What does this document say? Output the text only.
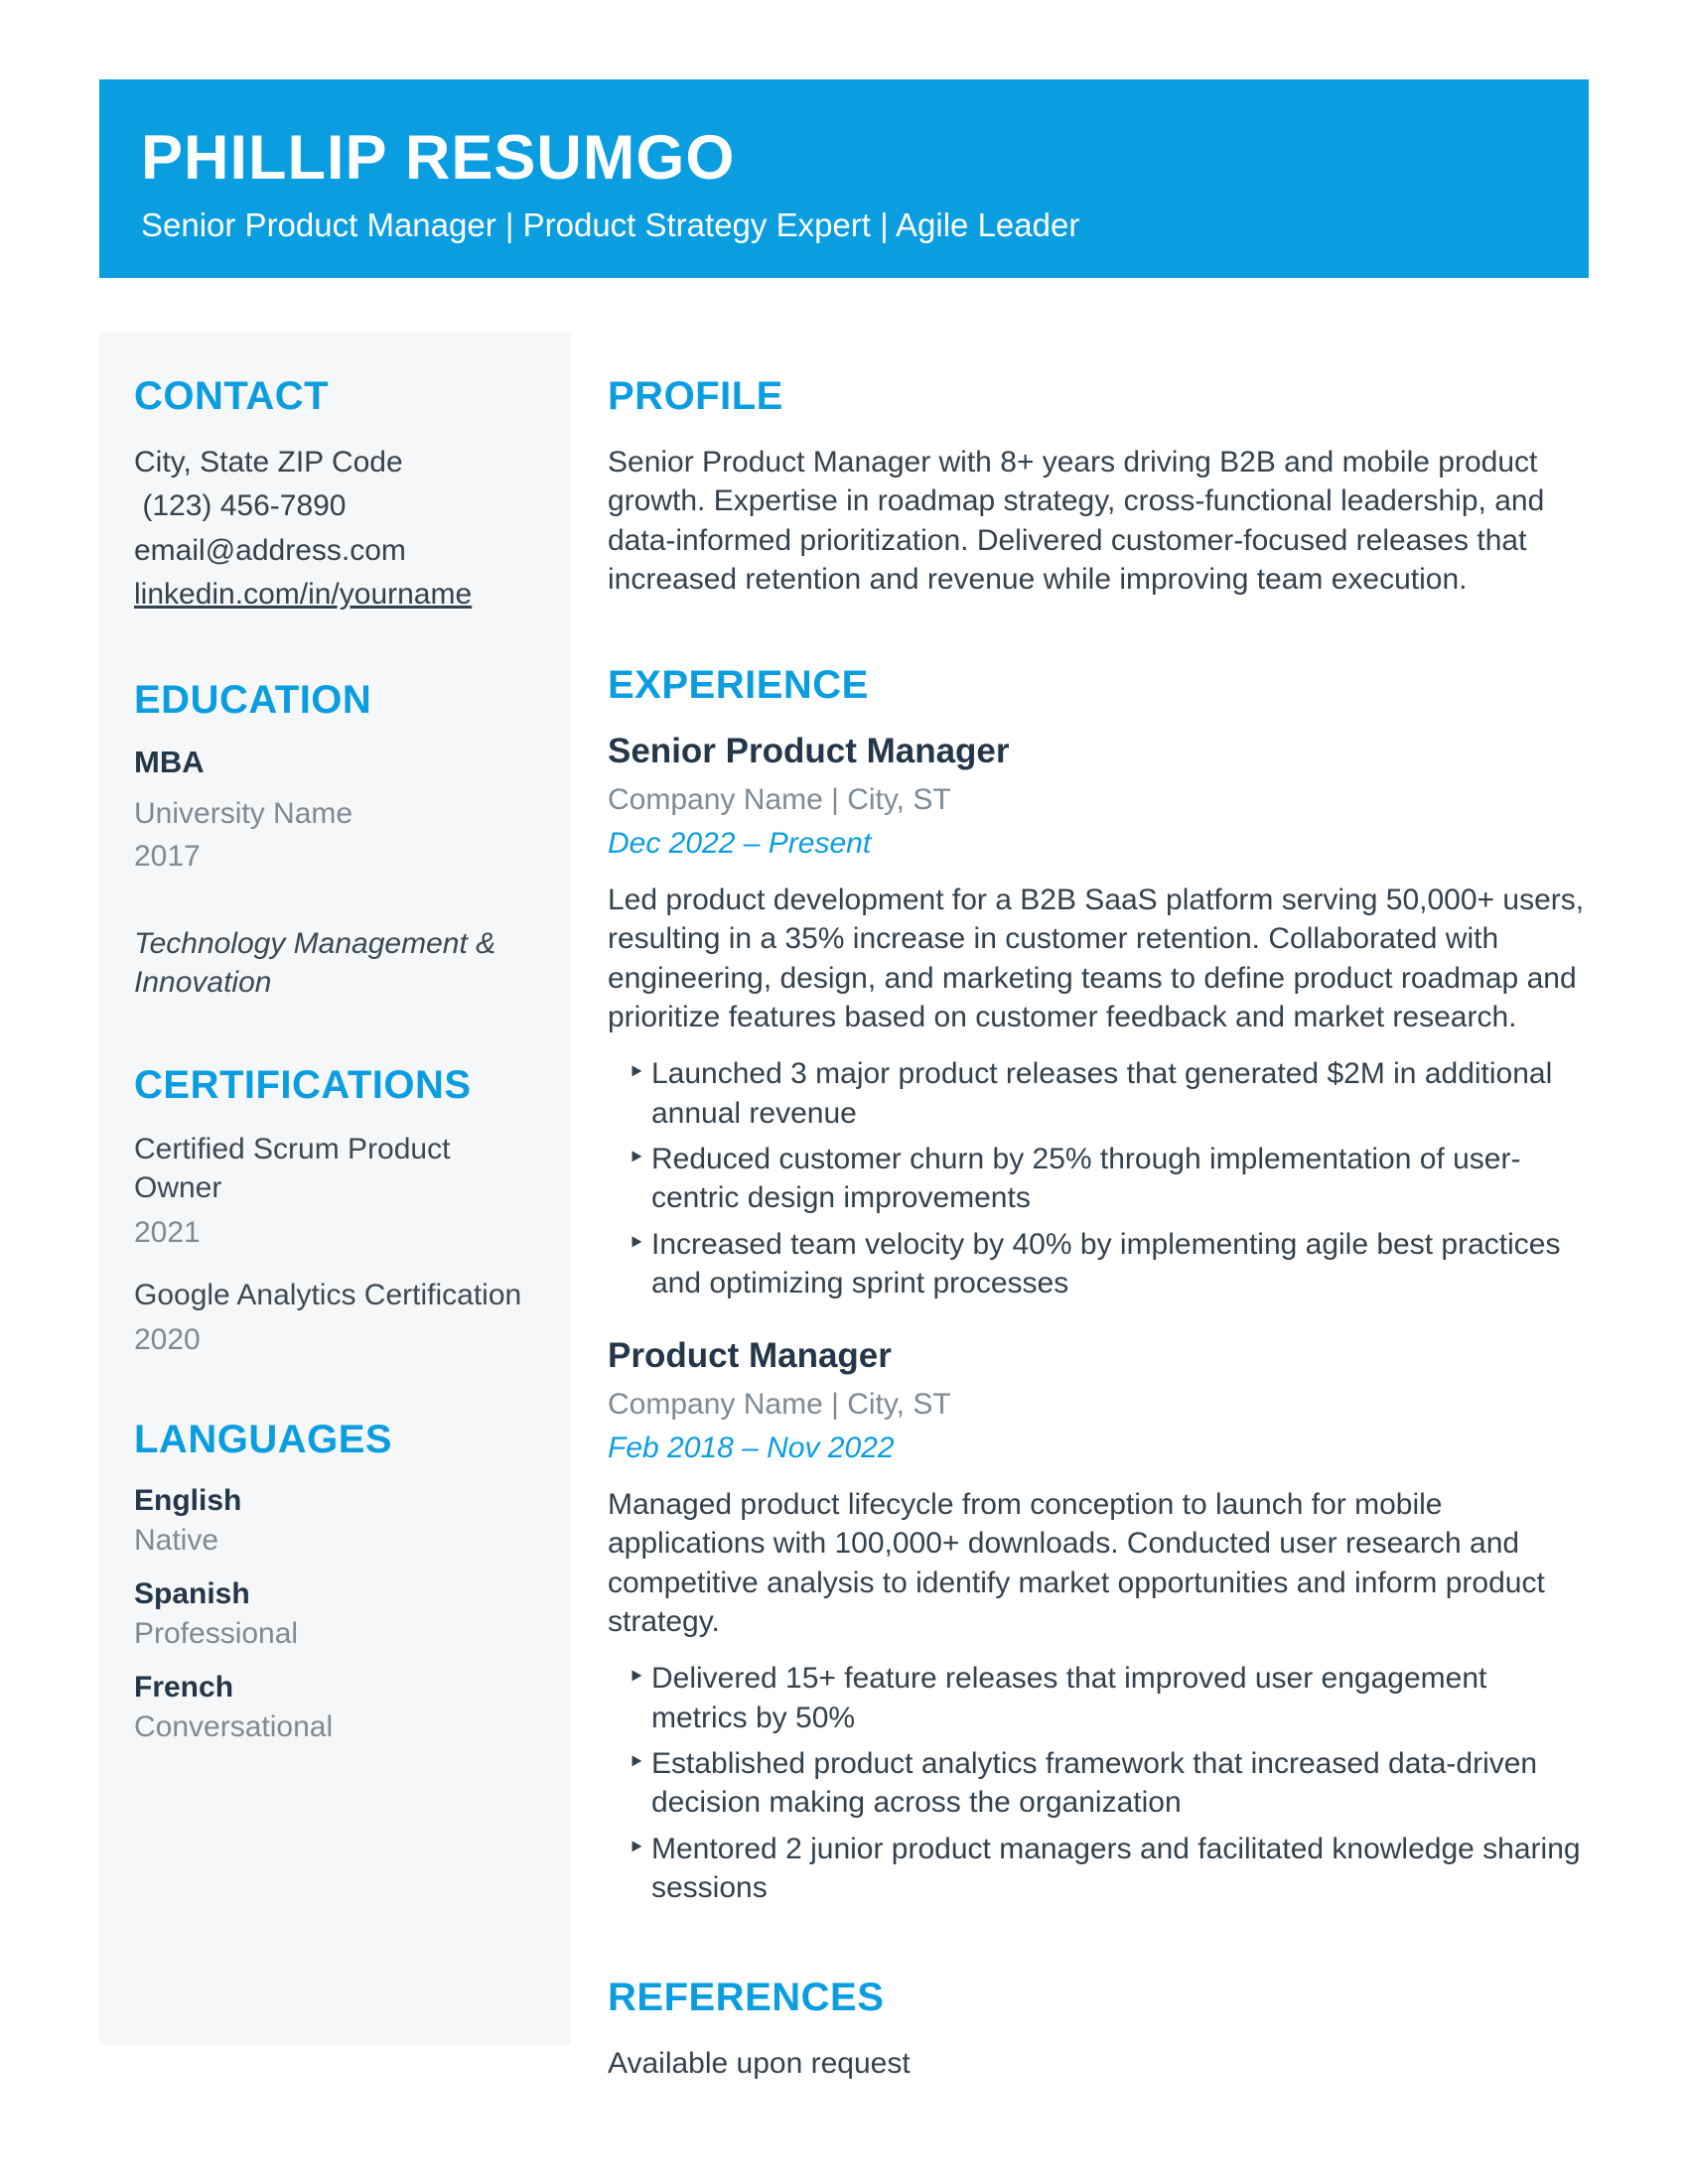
PHILLIP RESUMGO

Senior Product Manager | Product Strategy Expert | Agile Leader

CONTACT
City, State ZIP Code
(123) 456-7890
email@address.com
linkedin.com/in/yourname
EDUCATION
MBA
University Name
2017
Technology Management & Innovation
CERTIFICATIONS
Certified Scrum Product Owner
2021
Google Analytics Certification
2020
LANGUAGES
English
Native
Spanish
Professional
French
Conversational
PROFILE

Senior Product Manager with 8+ years driving B2B and mobile product growth. Expertise in roadmap strategy, cross-functional leadership, and data-informed prioritization. Delivered customer-focused releases that increased retention and revenue while improving team execution.

EXPERIENCE
Senior Product Manager
Company Name | City, ST
Dec 2022 – Present

Led product development for a B2B SaaS platform serving 50,000+ users, resulting in a 35% increase in customer retention. Collaborated with engineering, design, and marketing teams to define product roadmap and prioritize features based on customer feedback and market research.

‣ Launched 3 major product releases that generated $2M in additional annual revenue
‣ Reduced customer churn by 25% through implementation of user-centric design improvements
‣ Increased team velocity by 40% by implementing agile best practices and optimizing sprint processes
Product Manager
Company Name | City, ST
Feb 2018 – Nov 2022

Managed product lifecycle from conception to launch for mobile applications with 100,000+ downloads. Conducted user research and competitive analysis to identify market opportunities and inform product strategy.

‣ Delivered 15+ feature releases that improved user engagement metrics by 50%
‣ Established product analytics framework that increased data-driven decision making across the organization
‣ Mentored 2 junior product managers and facilitated knowledge sharing sessions
REFERENCES

Available upon request
